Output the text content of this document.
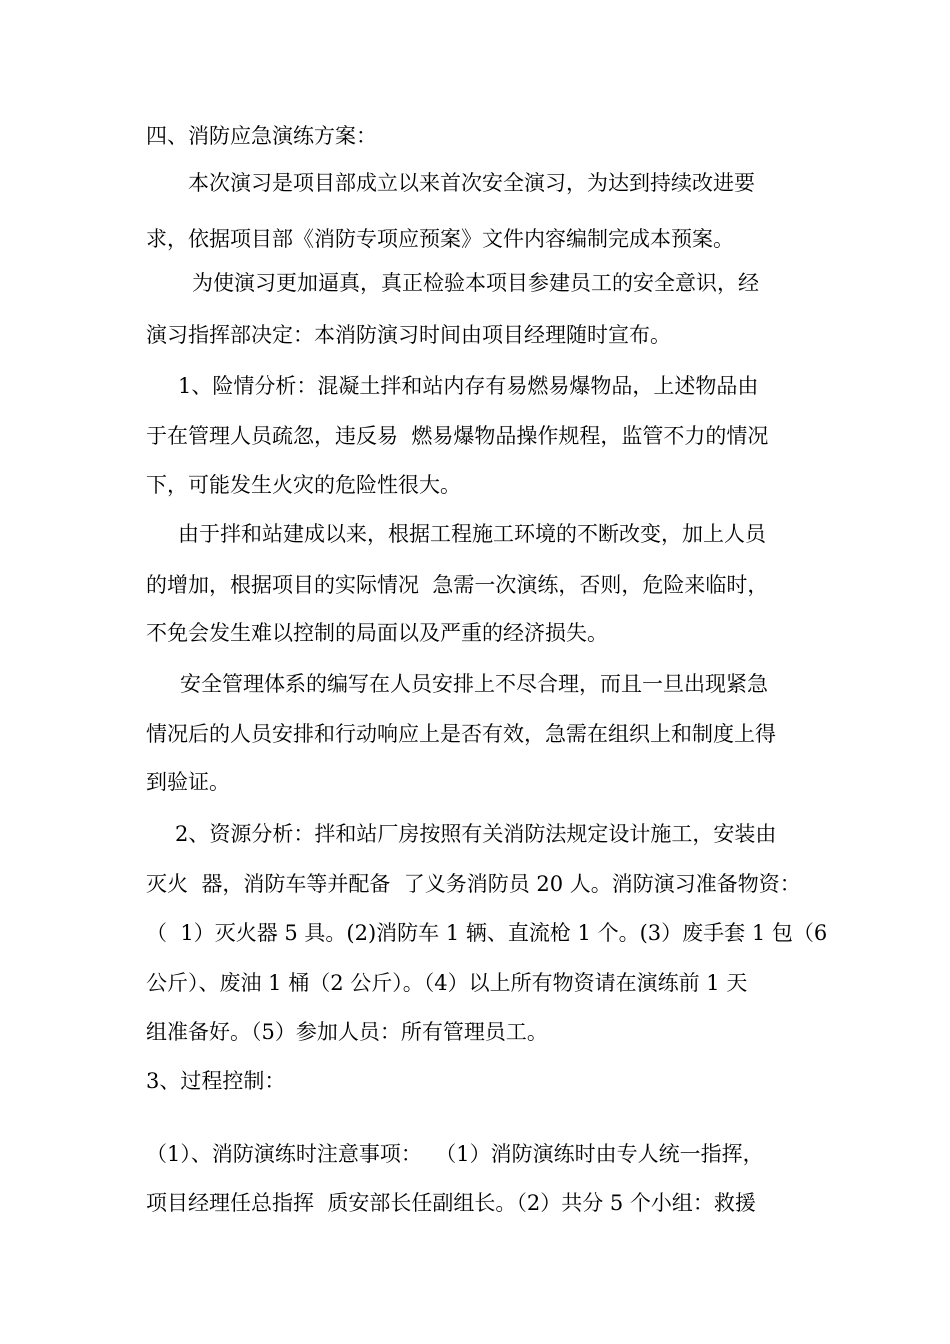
四、消防应急演练方案：
本次演习是项目部成立以来首次安全演习，为达到持续改进要
求，依据项目部《消防专项应预案》文件内容编制完成本预案。
为使演习更加逼真，真正检验本项目参建员工的安全意识，经
演习指挥部决定：本消防演习时间由项目经理随时宣布。
1、险情分析：混凝土拌和站内存有易燃易爆物品，上述物品由
于在管理人员疏忽，违反易  燃易爆物品操作规程，监管不力的情况
下，可能发生火灾的危险性很大。
由于拌和站建成以来，根据工程施工环境的不断改变，加上人员
的增加，根据项目的实际情况  急需一次演练，否则，危险来临时，
不免会发生难以控制的局面以及严重的经济损失。
安全管理体系的编写在人员安排上不尽合理，而且一旦出现紧急
情况后的人员安排和行动响应上是否有效，急需在组织上和制度上得
到验证。
2、资源分析：拌和站厂房按照有关消防法规定设计施工，安装由
灭火  器，消防车等并配备  了义务消防员 20 人。消防演习准备物资：
（  1）灭火器 5 具。(2)消防车 1 辆、直流枪 1 个。(3）废手套 1 包（6
公斤）、废油 1 桶（2 公斤）。（4）以上所有物资请在演练前 1 天
组准备好。（5）参加人员：所有管理员工。
3、过程控制：
（1）、消防演练时注意事项：  （1）消防演练时由专人统一指挥，
项目经理任总指挥  质安部长任副组长。（2）共分 5 个小组：救援
